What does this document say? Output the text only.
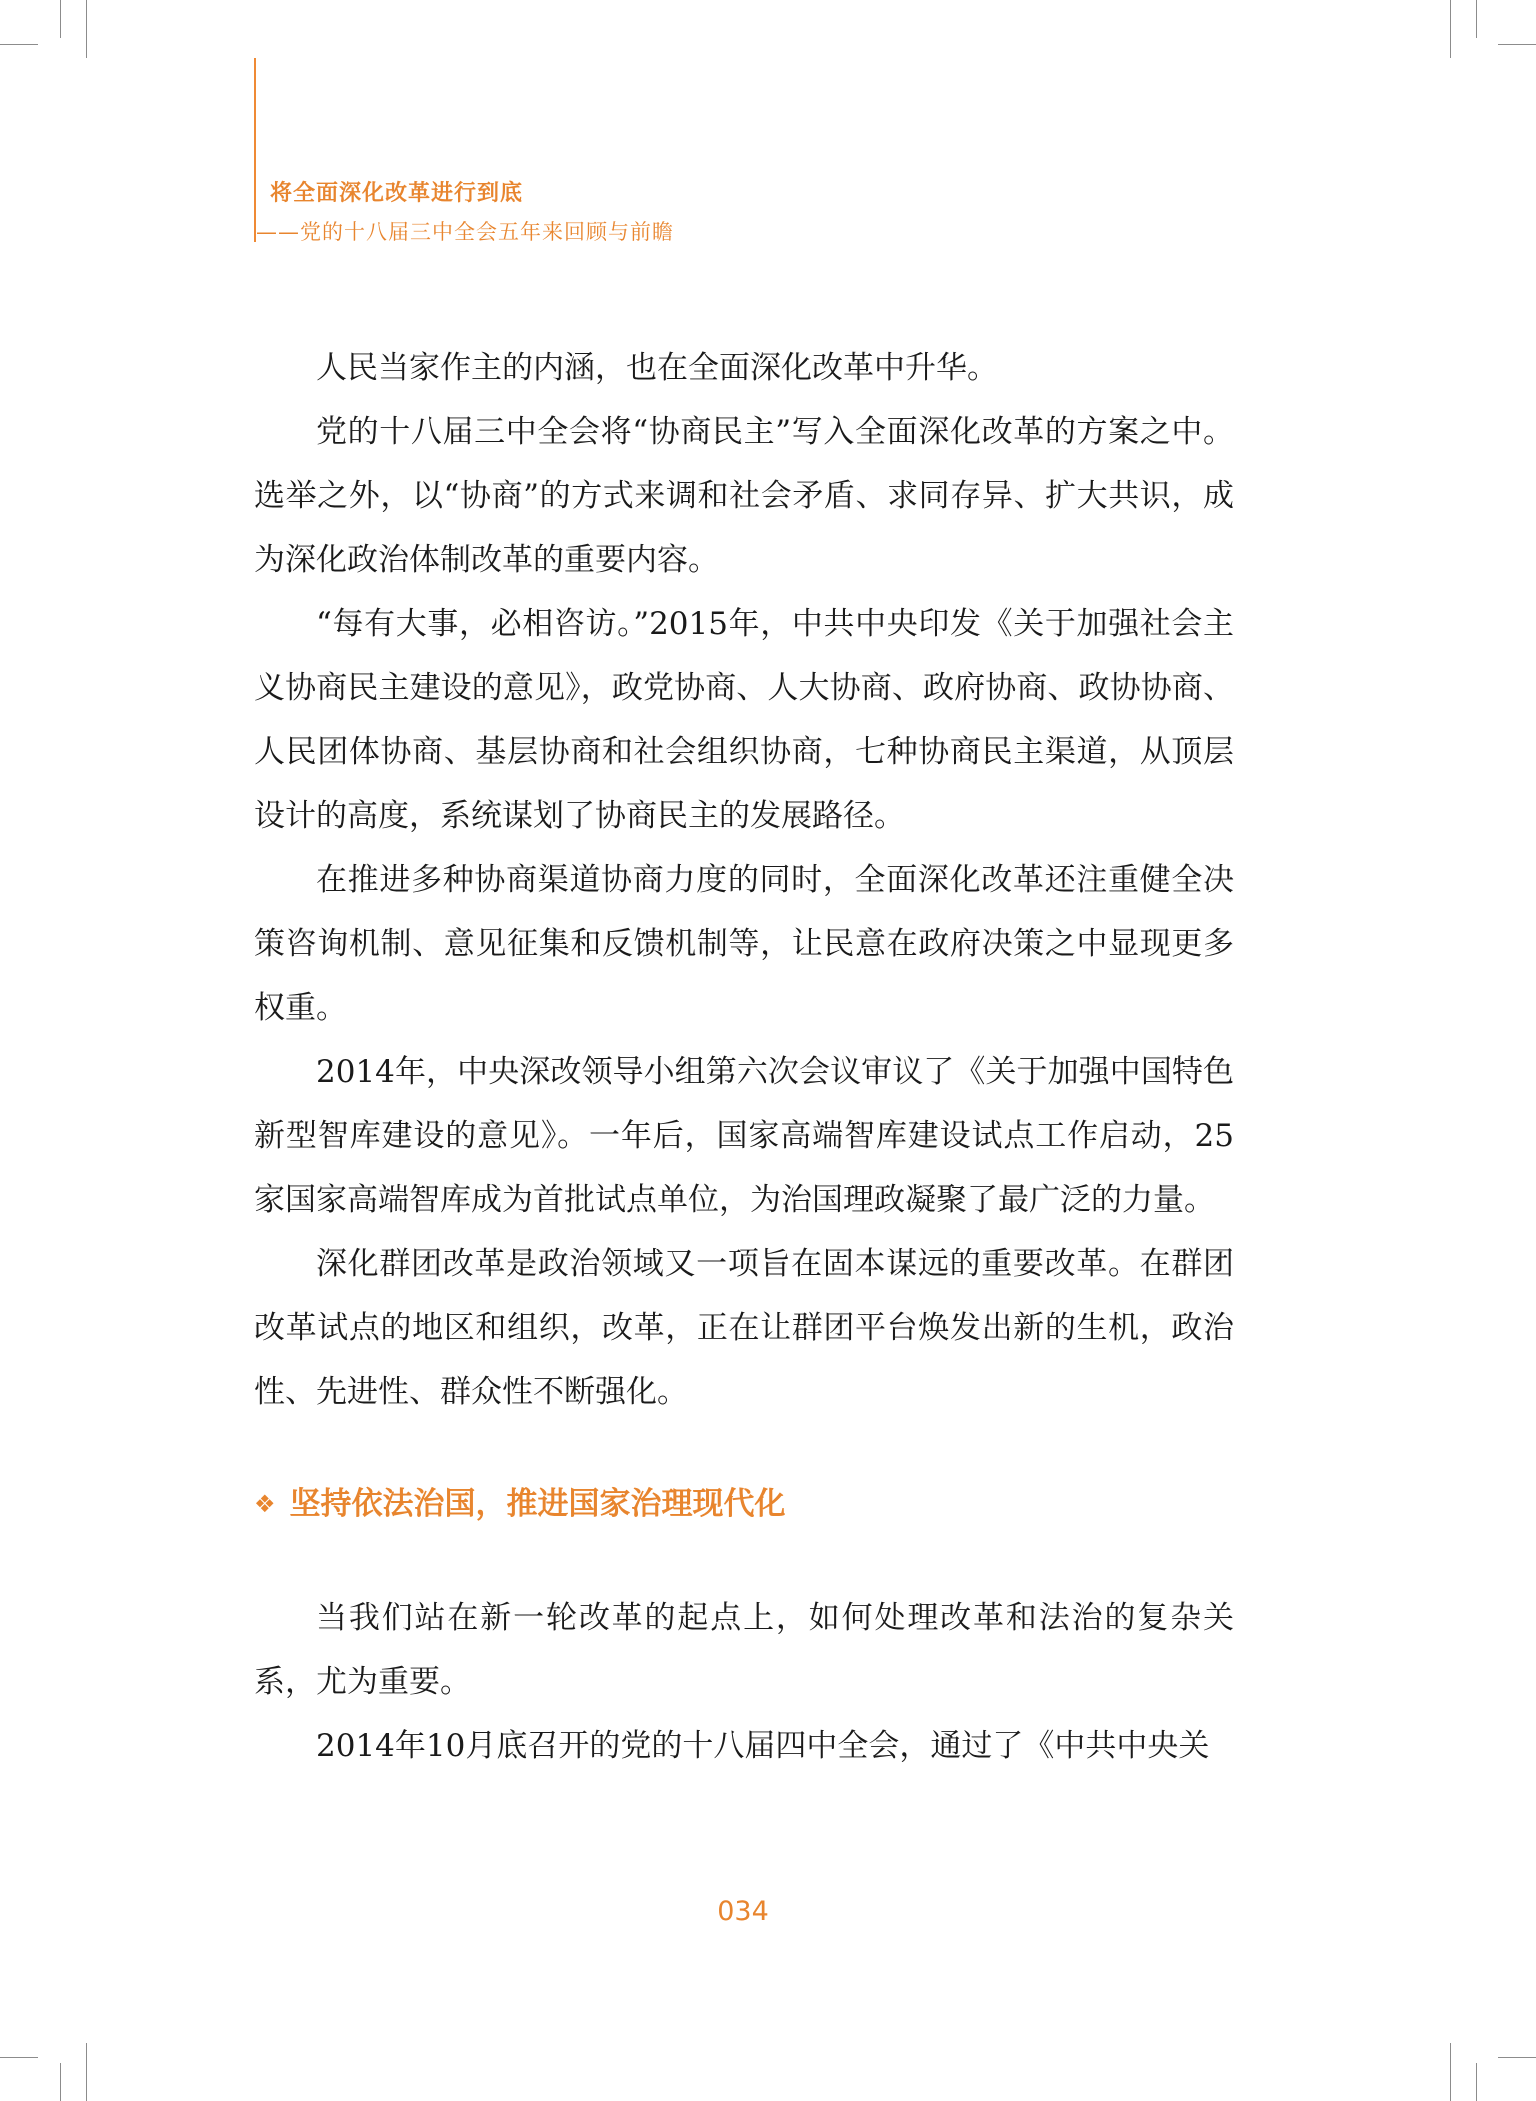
将全面深化改革进行到底
——党的十八届三中全会五年来回顾与前瞻

人民当家作主的内涵，也在全面深化改革中升华。

党的十八届三中全会将“协商民主”写入全面深化改革的方案之中。选举之外，以“协商”的方式来调和社会矛盾、求同存异、扩大共识，成为深化政治体制改革的重要内容。

“每有大事，必相咨访。”2015年，中共中央印发《关于加强社会主义协商民主建设的意见》，政党协商、人大协商、政府协商、政协协商、人民团体协商、基层协商和社会组织协商，七种协商民主渠道，从顶层设计的高度，系统谋划了协商民主的发展路径。

在推进多种协商渠道协商力度的同时，全面深化改革还注重健全决策咨询机制、意见征集和反馈机制等，让民意在政府决策之中显现更多权重。

2014年，中央深改领导小组第六次会议审议了《关于加强中国特色新型智库建设的意见》。一年后，国家高端智库建设试点工作启动，25家国家高端智库成为首批试点单位，为治国理政凝聚了最广泛的力量。

深化群团改革是政治领域又一项旨在固本谋远的重要改革。在群团改革试点的地区和组织，改革，正在让群团平台焕发出新的生机，政治性、先进性、群众性不断强化。

❖ 坚持依法治国，推进国家治理现代化

当我们站在新一轮改革的起点上，如何处理改革和法治的复杂关系，尤为重要。

2014年10月底召开的党的十八届四中全会，通过了《中共中央关

034
